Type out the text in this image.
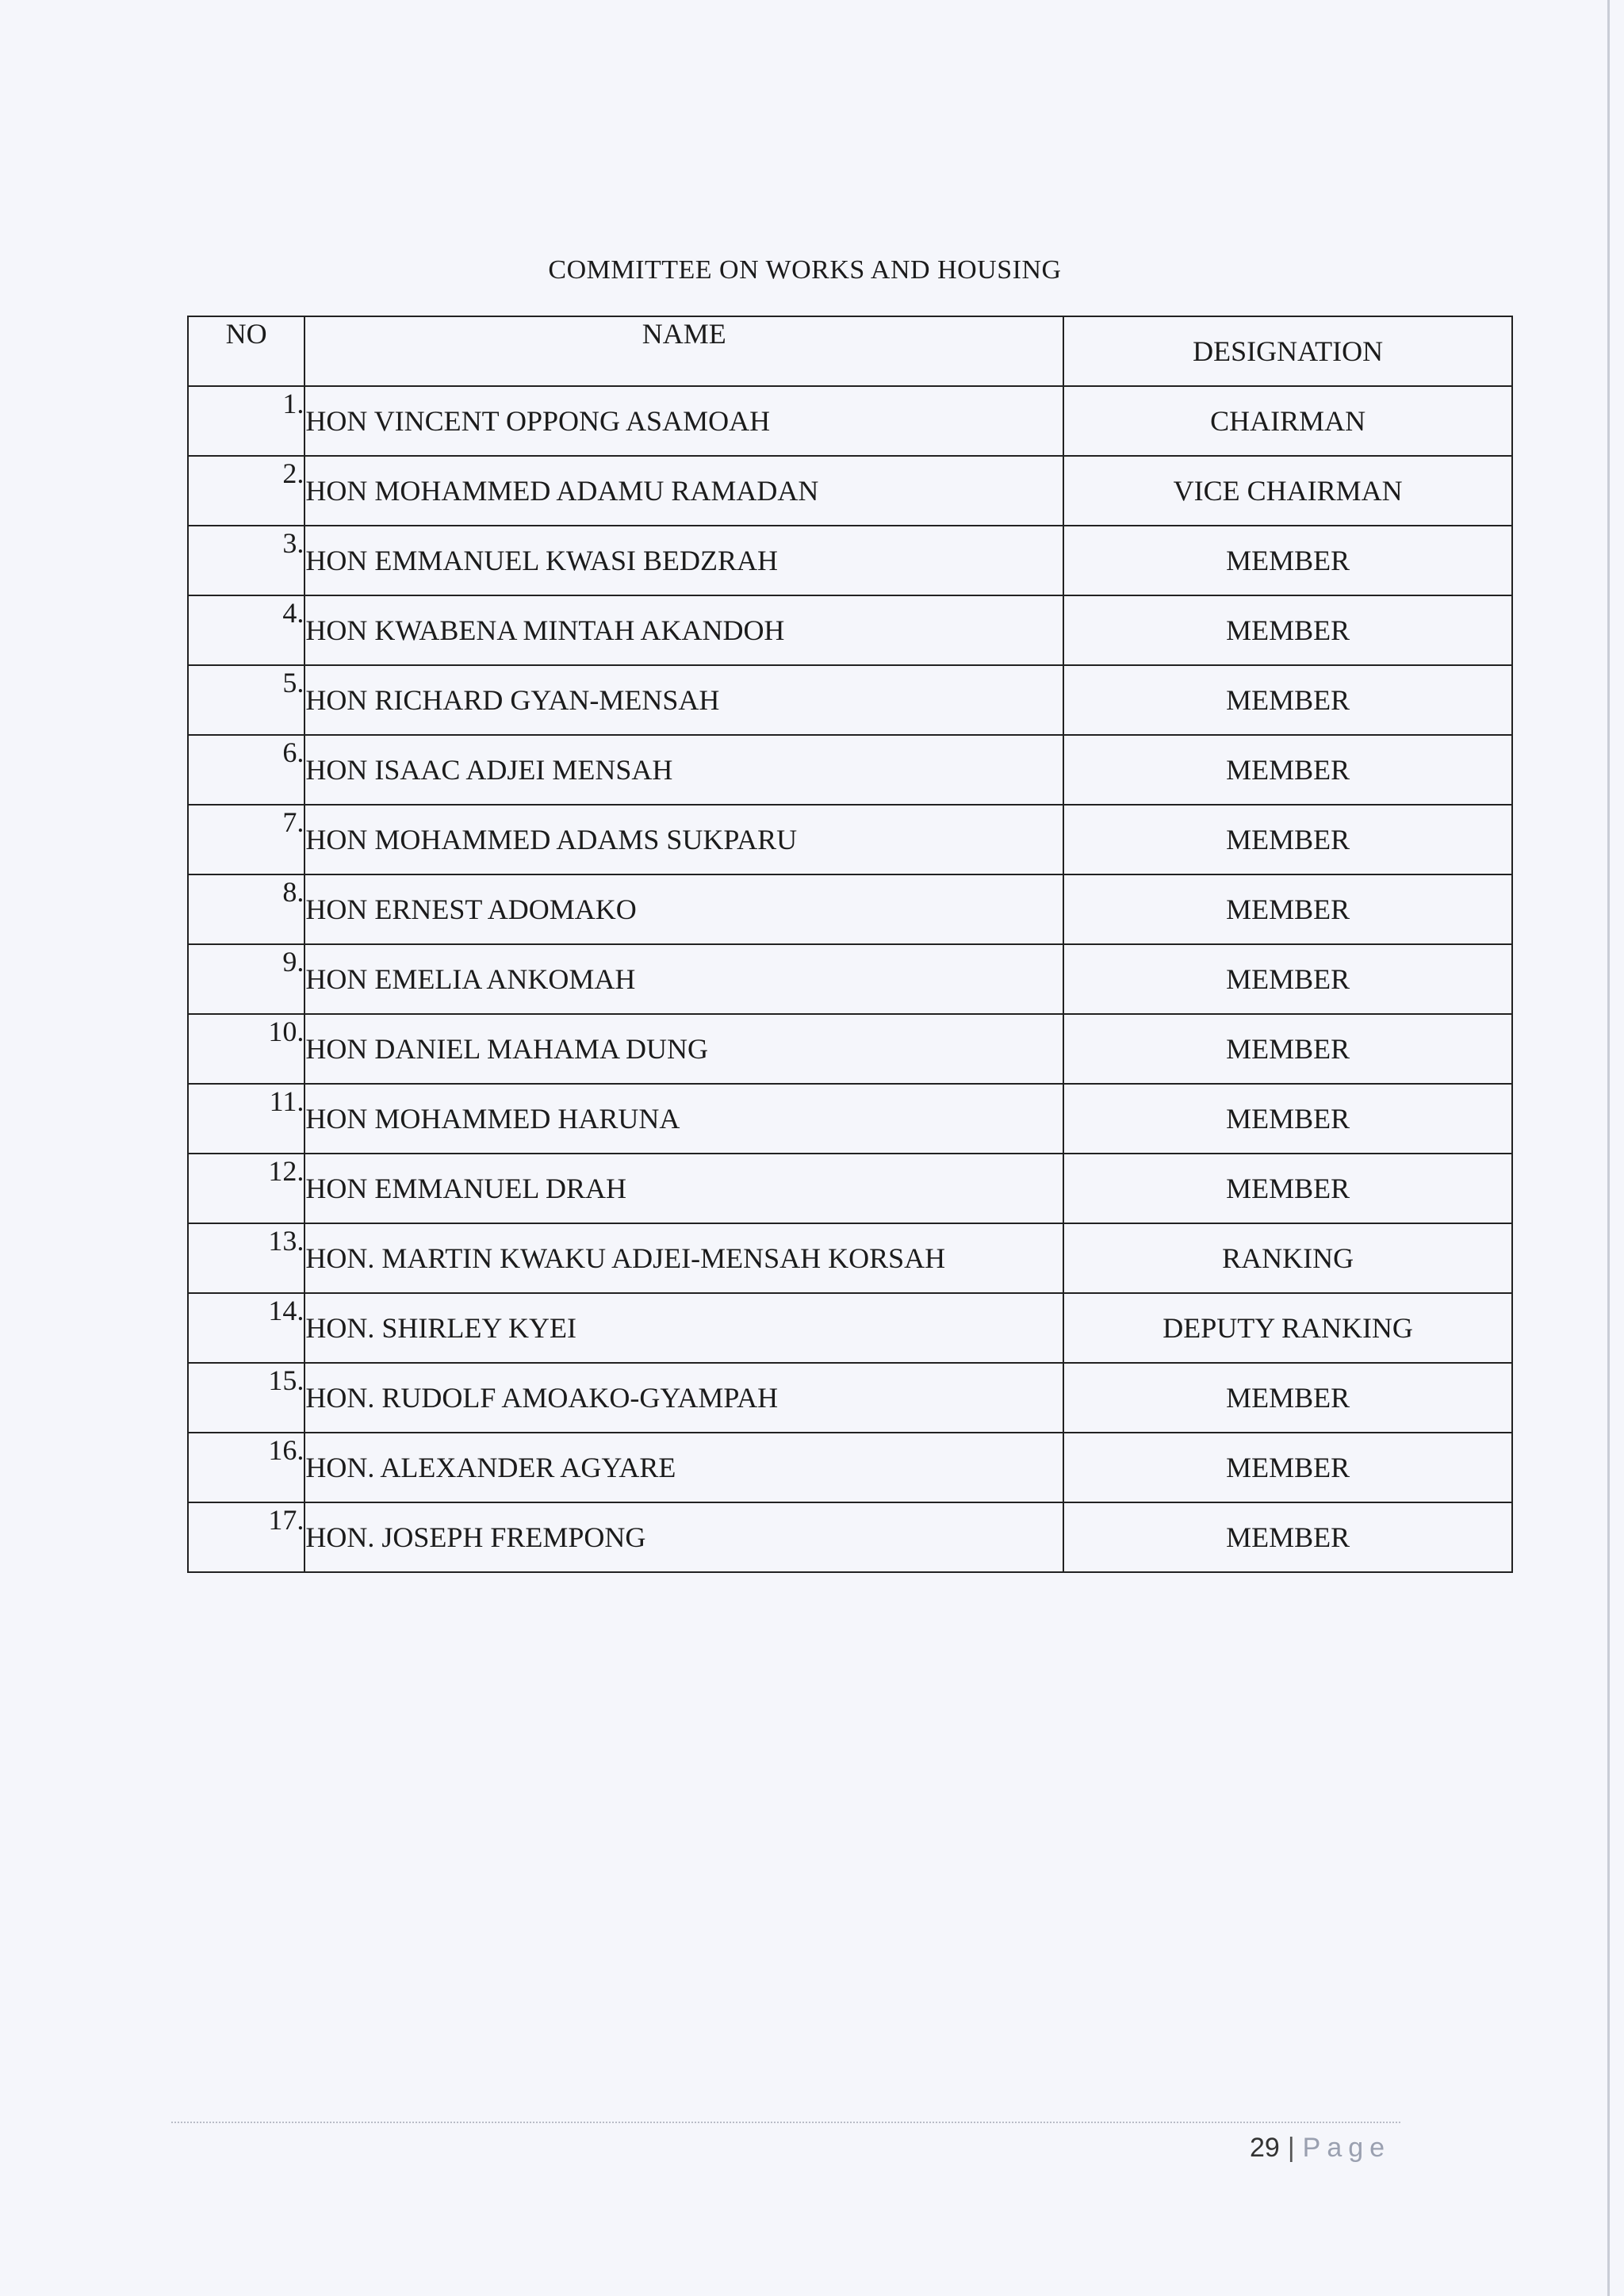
COMMITTEE ON WORKS AND HOUSING
NO	NAME	DESIGNATION
1.	HON VINCENT OPPONG ASAMOAH	CHAIRMAN
2.	HON MOHAMMED ADAMU RAMADAN	VICE CHAIRMAN
3.	HON EMMANUEL KWASI BEDZRAH	MEMBER
4.	HON KWABENA MINTAH AKANDOH	MEMBER
5.	HON RICHARD GYAN-MENSAH	MEMBER
6.	HON ISAAC ADJEI MENSAH	MEMBER
7.	HON MOHAMMED ADAMS SUKPARU	MEMBER
8.	HON ERNEST ADOMAKO	MEMBER
9.	HON EMELIA ANKOMAH	MEMBER
10.	HON DANIEL MAHAMA DUNG	MEMBER
11.	HON MOHAMMED HARUNA	MEMBER
12.	HON EMMANUEL DRAH	MEMBER
13.	HON. MARTIN KWAKU ADJEI-MENSAH KORSAH	RANKING
14.	HON. SHIRLEY KYEI	DEPUTY RANKING
15.	HON. RUDOLF AMOAKO-GYAMPAH	MEMBER
16.	HON. ALEXANDER AGYARE	MEMBER
17.	HON. JOSEPH FREMPONG	MEMBER
29 | Page
